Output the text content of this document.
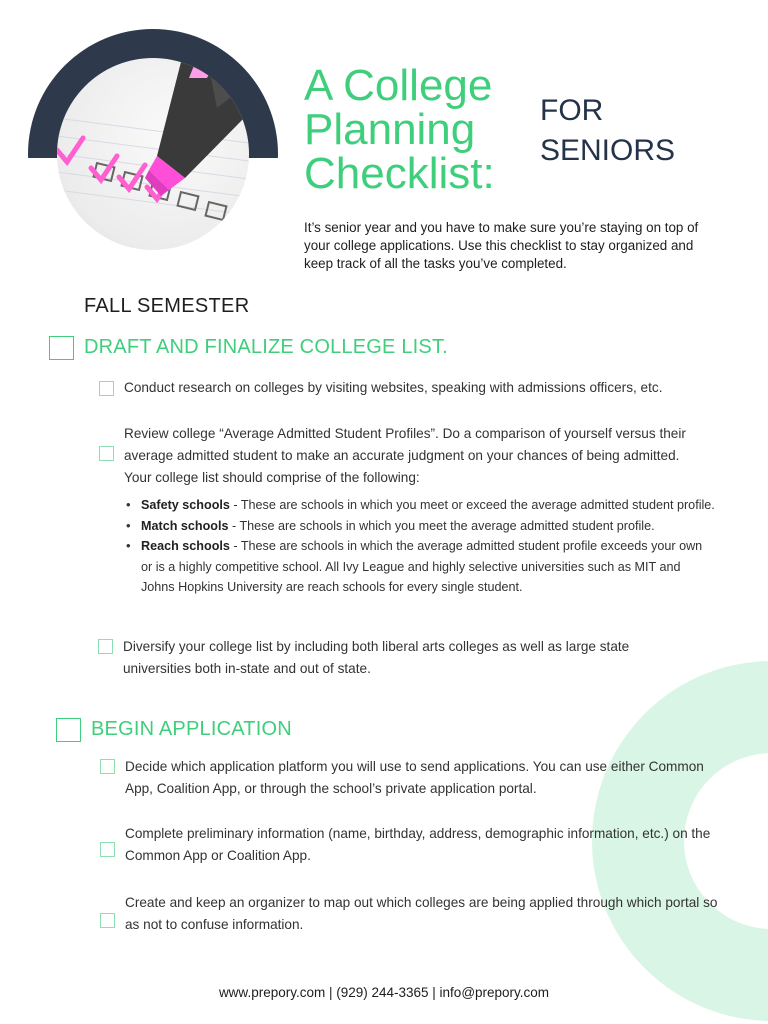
A College
Planning
Checklist:
FOR
SENIORS
It’s senior year and you have to make sure you’re staying on top of your college applications. Use this checklist to stay organized and keep track of all the tasks you’ve completed.
FALL SEMESTER
DRAFT AND FINALIZE COLLEGE LIST.
Conduct research on colleges by visiting websites, speaking with admissions officers, etc.
Review college “Average Admitted Student Profiles”. Do a comparison of yourself versus their average admitted student to make an accurate judgment on your chances of being admitted. Your college list should comprise of the following:
• Safety schools - These are schools in which you meet or exceed the average admitted student profile.
• Match schools - These are schools in which you meet the average admitted student profile.
• Reach schools - These are schools in which the average admitted student profile exceeds your own or is a highly competitive school. All Ivy League and highly selective universities such as MIT and Johns Hopkins University are reach schools for every single student.
Diversify your college list by including both liberal arts colleges as well as large state universities both in-state and out of state.
BEGIN APPLICATION
Decide which application platform you will use to send applications. You can use either Common App, Coalition App, or through the school’s private application portal.
Complete preliminary information (name, birthday, address, demographic information, etc.) on the Common App or Coalition App.
Create and keep an organizer to map out which colleges are being applied through which portal so as not to confuse information.
www.prepory.com | (929) 244-3365 | info@prepory.com
